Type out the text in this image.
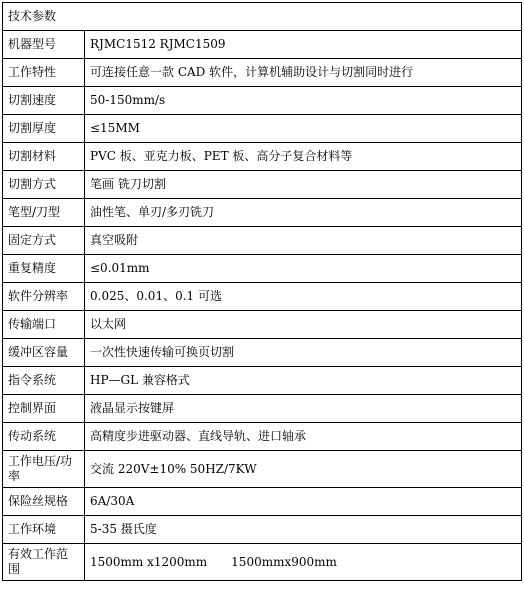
技术参数	
机器型号	RJMC1512 RJMC1509
工作特性	可连接任意一款 CAD 软件，计算机辅助设计与切割同时进行
切割速度	50-150mm/s
切割厚度	≤15MM
切割材料	PVC 板、亚克力板、PET 板、高分子复合材料等
切割方式	笔画 铣刀切割
笔型/刀型	油性笔、单刃/多刃铣刀
固定方式	真空吸附
重复精度	≤0.01mm
软件分辨率	0.025、0.01、0.1 可选
传输端口	以太网
缓冲区容量	一次性快速传输可换页切割
指令系统	HP—GL 兼容格式
控制界面	液晶显示按键屏
传动系统	高精度步进驱动器、直线导轨、进口轴承
工作电压/功率	交流 220V±10% 50HZ/7KW
保险丝规格	6A/30A
工作环境	5-35 摄氏度
有效工作范围	1500mm x1200mm　　1500mmx900mm
